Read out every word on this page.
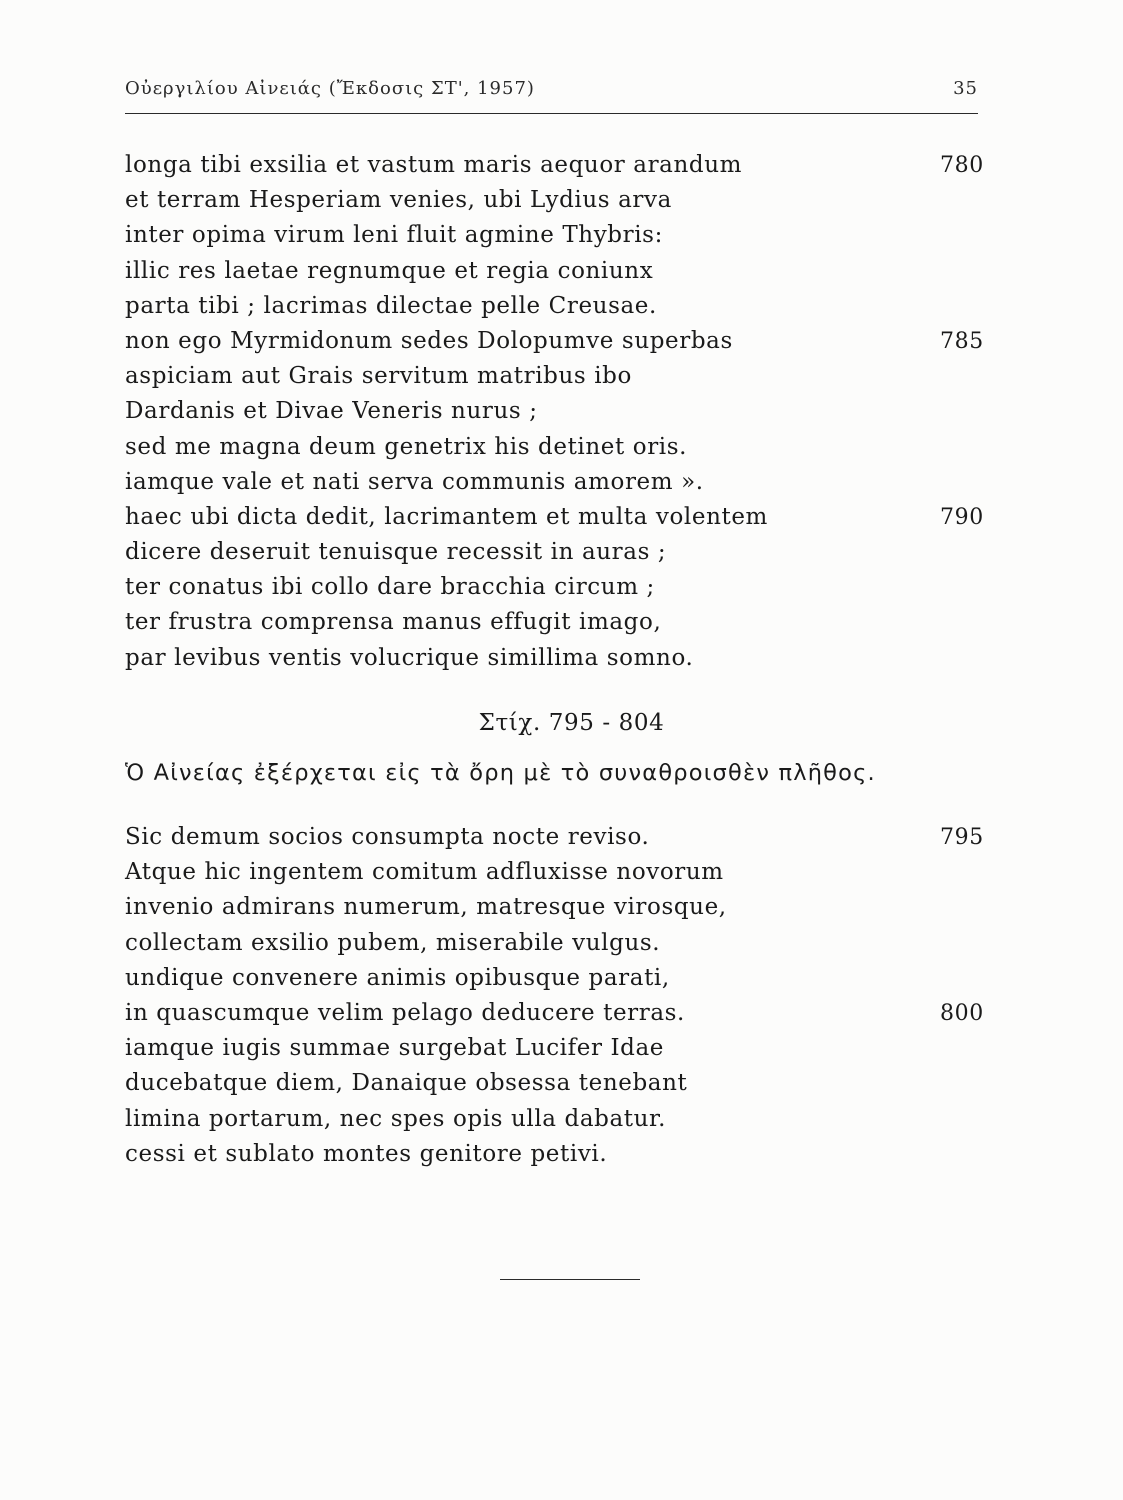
Οὐεργιλίου Αἰνειάς (Ἔκδοσις ΣΤ', 1957)	35
longa tibi exsilia et vastum maris aequor arandum	780
et terram Hesperiam venies, ubi Lydius arva
inter opima virum leni fluit agmine Thybris:
illic res laetae regnumque et regia coniunx
parta tibi ; lacrimas dilectae pelle Creusae.
non ego Myrmidonum sedes Dolopumve superbas	785
aspiciam aut Grais servitum matribus ibo
Dardanis et Divae Veneris nurus ;
sed me magna deum genetrix his detinet oris.
iamque vale et nati serva communis amorem ».
haec ubi dicta dedit, lacrimantem et multa volentem	790
dicere deseruit tenuisque recessit in auras ;
ter conatus ibi collo dare bracchia circum ;
ter frustra comprensa manus effugit imago,
par levibus ventis volucrique simillima somno.
Στίχ. 795 - 804
Ὁ Αἰνείας ἐξέρχεται εἰς τὰ ὄρη μὲ τὸ συναθροισθὲν πλῆθος.
Sic demum socios consumpta nocte reviso.	795
Atque hic ingentem comitum adfluxisse novorum
invenio admirans numerum, matresque virosque,
collectam exsilio pubem, miserabile vulgus.
undique convenere animis opibusque parati,
in quascumque velim pelago deducere terras.	800
iamque iugis summae surgebat Lucifer Idae
ducebatque diem, Danaique obsessa tenebant
limina portarum, nec spes opis ulla dabatur.
cessi et sublato montes genitore petivi.
